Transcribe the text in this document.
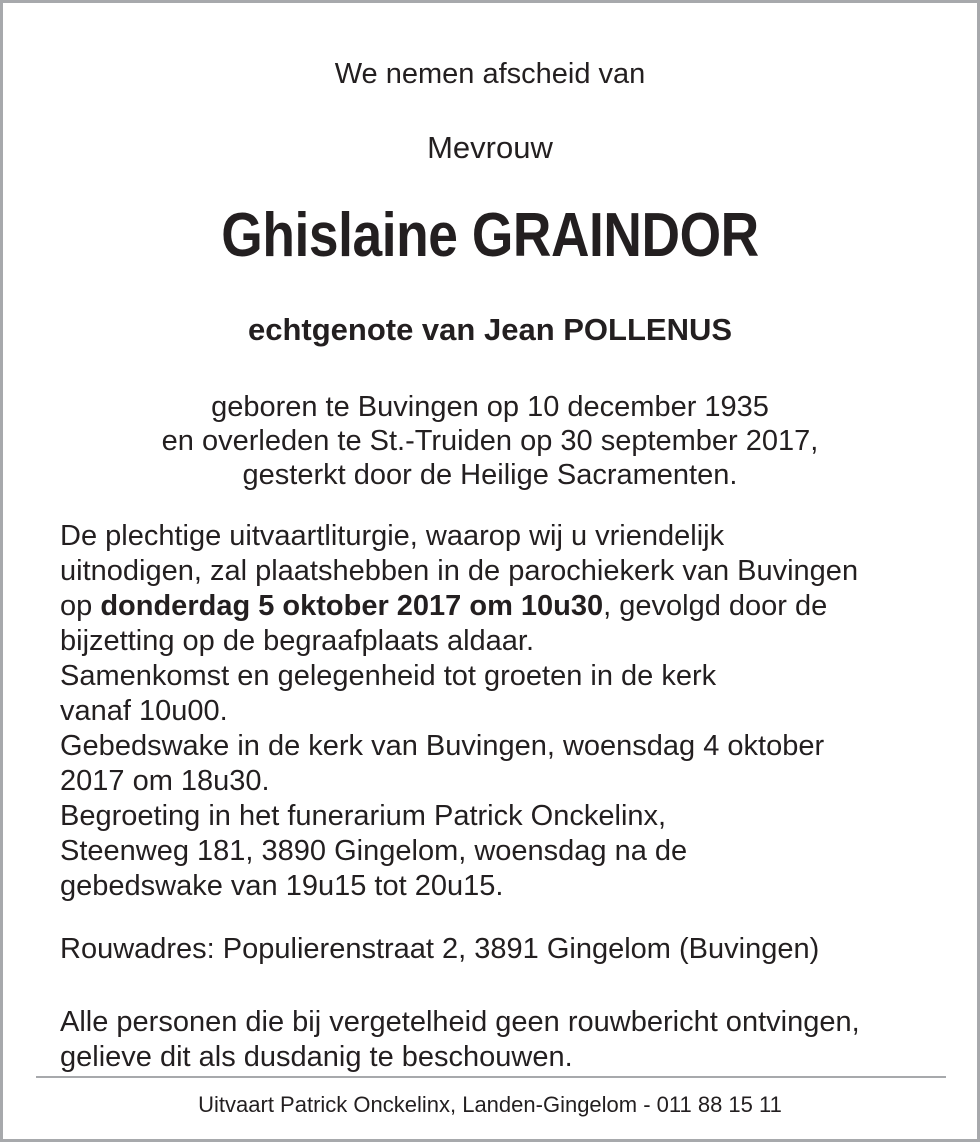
We nemen afscheid van
Mevrouw
Ghislaine GRAINDOR
echtgenote van Jean POLLENUS
geboren te Buvingen op 10 december 1935
en overleden te St.-Truiden op 30 september 2017,
gesterkt door de Heilige Sacramenten.
De plechtige uitvaartliturgie, waarop wij u vriendelijk
uitnodigen, zal plaatshebben in de parochiekerk van Buvingen
op donderdag 5 oktober 2017 om 10u30, gevolgd door de
bijzetting op de begraafplaats aldaar.
Samenkomst en gelegenheid tot groeten in de kerk
vanaf 10u00.
Gebedswake in de kerk van Buvingen, woensdag 4 oktober
2017 om 18u30.
Begroeting in het funerarium Patrick Onckelinx,
Steenweg 181, 3890 Gingelom, woensdag na de
gebedswake van 19u15 tot 20u15.
Rouwadres: Populierenstraat 2, 3891 Gingelom (Buvingen)
Alle personen die bij vergetelheid geen rouwbericht ontvingen,
gelieve dit als dusdanig te beschouwen.
Uitvaart Patrick Onckelinx, Landen-Gingelom - 011 88 15 11
